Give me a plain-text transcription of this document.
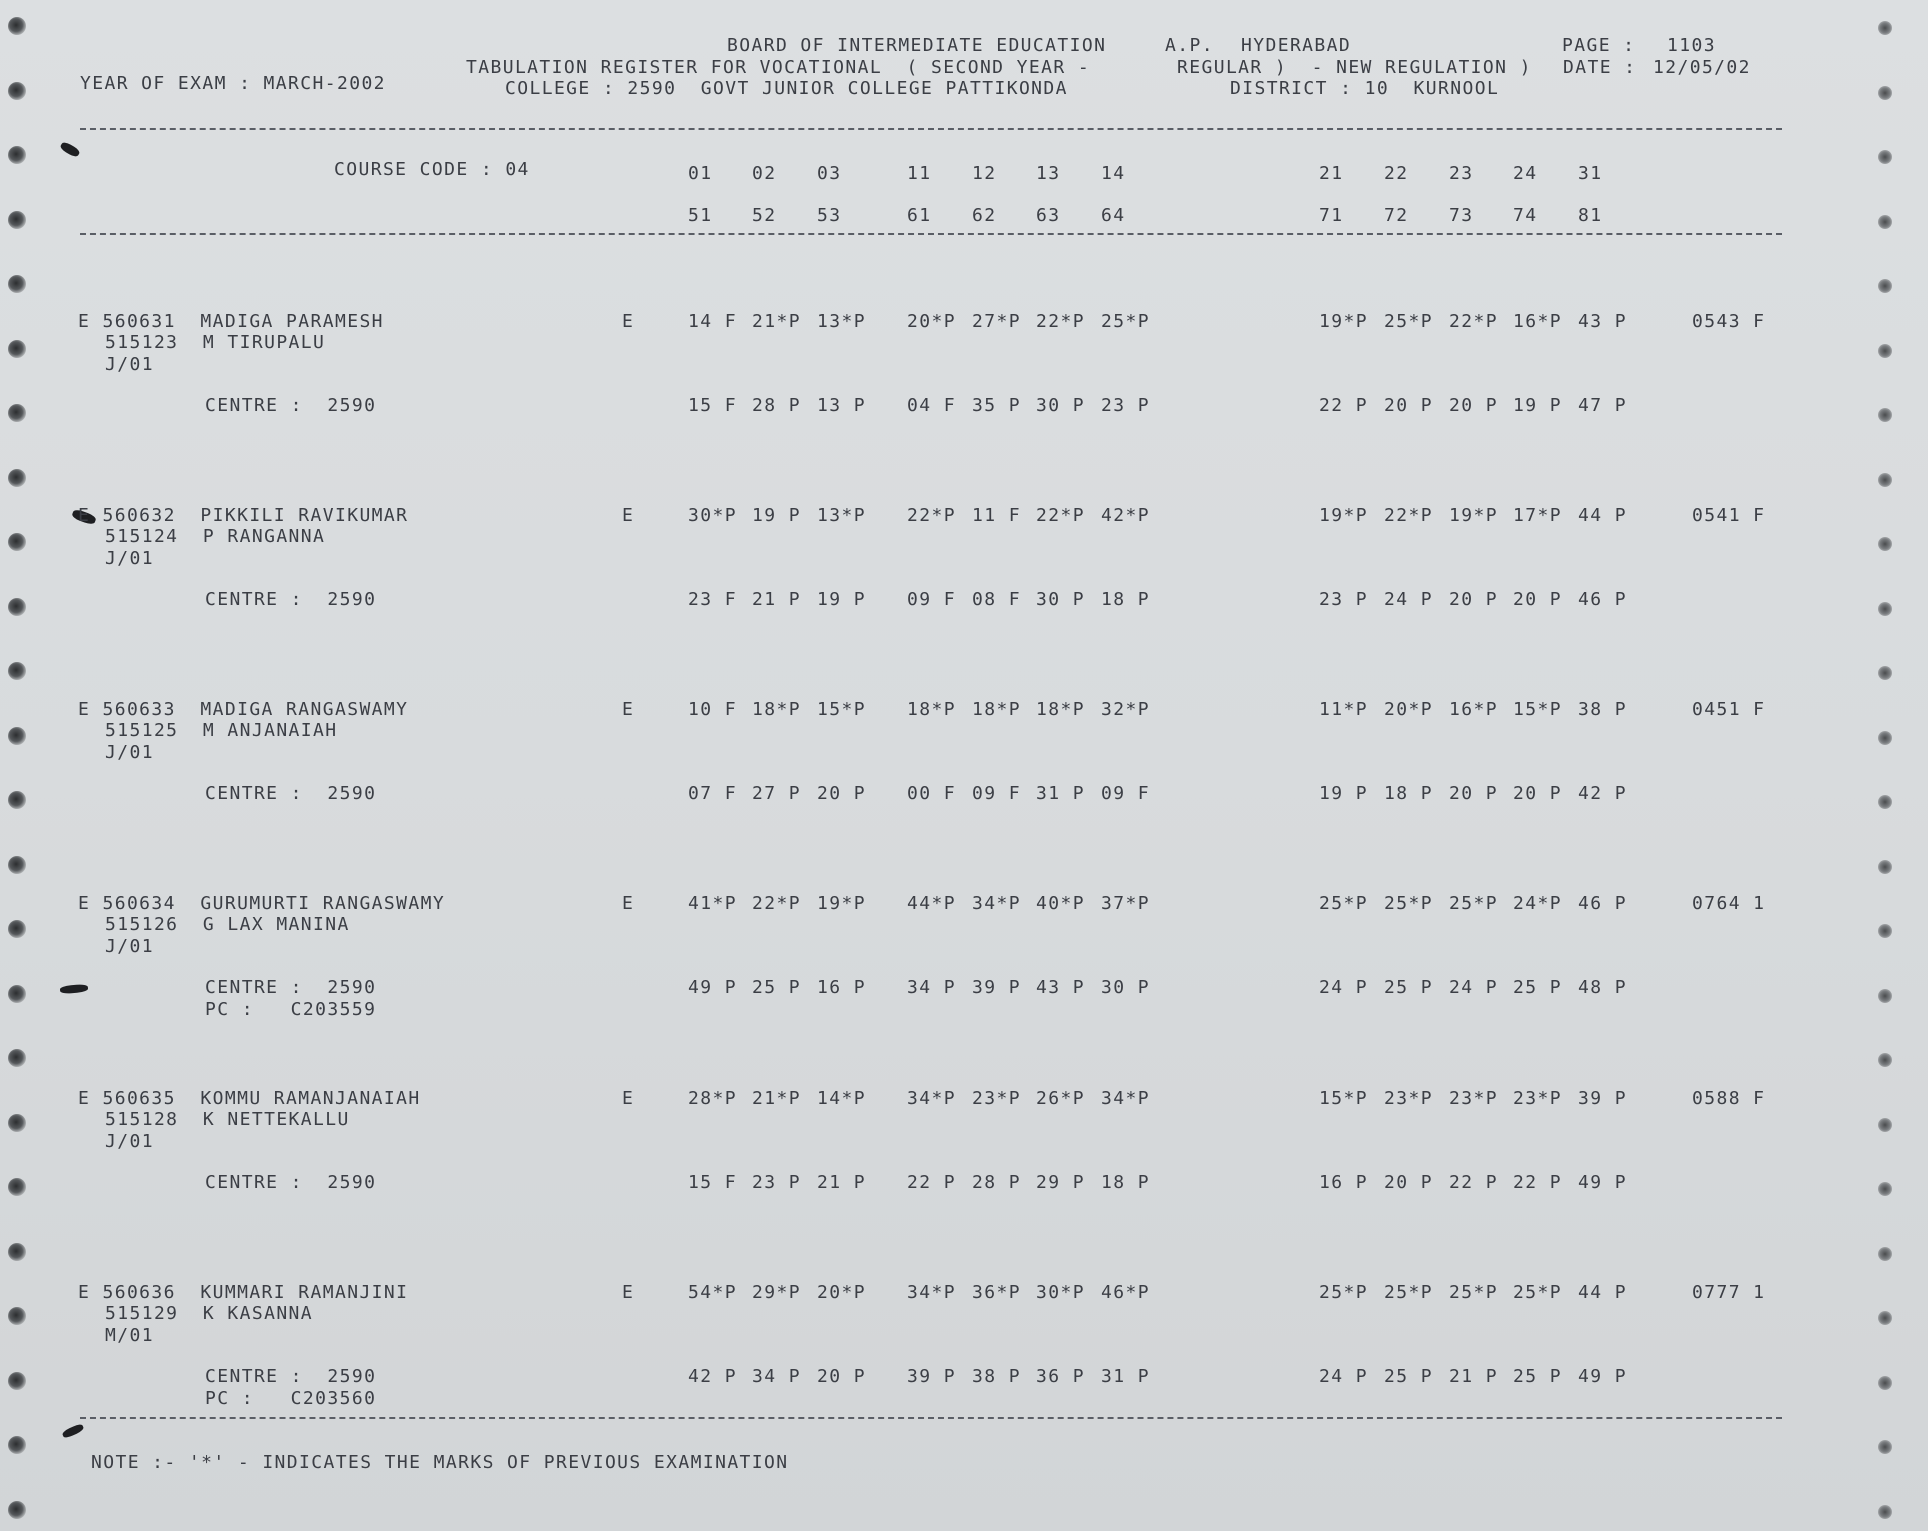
BOARD OF INTERMEDIATE EDUCATION	A.P. HYDERABAD	PAGE : 1103
TABULATION REGISTER FOR VOCATIONAL  ( SECOND YEAR -	REGULAR )  - NEW REGULATION ) DATE : 12/05/02
YEAR OF EXAM : MARCH-2002	COLLEGE : 2590  GOVT JUNIOR COLLEGE PATTIKONDA	DISTRICT : 10  KURNOOL
COURSE CODE : 04	01 02 03	11 12 13 14	21 22 23 24 31
51 52 53	61 62 63 64	71 72 73 74 81
E 560631  MADIGA PARAMESH
515123  M TIRUPALU
J/01
E	14 F 21*P 13*P 20*P 27*P 22*P 25*P	19*P 25*P 22*P 16*P 43 P	0543 F
CENTRE :  2590	15 F 28 P 13 P 04 F 35 P 30 P 23 P	22 P 20 P 20 P 19 P 47 P
E 560632  PIKKILI RAVIKUMAR
515124  P RANGANNA
J/01
E	30*P 19 P 13*P 22*P 11 F 22*P 42*P	19*P 22*P 19*P 17*P 44 P	0541 F
CENTRE :  2590	23 F 21 P 19 P 09 F 08 F 30 P 18 P	23 P 24 P 20 P 20 P 46 P
E 560633  MADIGA RANGASWAMY
515125  M ANJANAIAH
J/01
E	10 F 18*P 15*P 18*P 18*P 18*P 32*P	11*P 20*P 16*P 15*P 38 P	0451 F
CENTRE :  2590	07 F 27 P 20 P 00 F 09 F 31 P 09 F	19 P 18 P 20 P 20 P 42 P
E 560634  GURUMURTI RANGASWAMY
515126  G LAX MANINA
J/01
E	41*P 22*P 19*P 44*P 34*P 40*P 37*P	25*P 25*P 25*P 24*P 46 P	0764 1
CENTRE :  2590	49 P 25 P 16 P 34 P 39 P 43 P 30 P	24 P 25 P 24 P 25 P 48 P
PC :   C203559
E 560635  KOMMU RAMANJANAIAH
515128  K NETTEKALLU
J/01
E	28*P 21*P 14*P 34*P 23*P 26*P 34*P	15*P 23*P 23*P 23*P 39 P	0588 F
CENTRE :  2590	15 F 23 P 21 P 22 P 28 P 29 P 18 P	16 P 20 P 22 P 22 P 49 P
E 560636  KUMMARI RAMANJINI
515129  K KASANNA
M/01
E	54*P 29*P 20*P 34*P 36*P 30*P 46*P	25*P 25*P 25*P 25*P 44 P	0777 1
CENTRE :  2590	42 P 34 P 20 P 39 P 38 P 36 P 31 P	24 P 25 P 21 P 25 P 49 P
PC :   C203560
NOTE :- '*' - INDICATES THE MARKS OF PREVIOUS EXAMINATION
